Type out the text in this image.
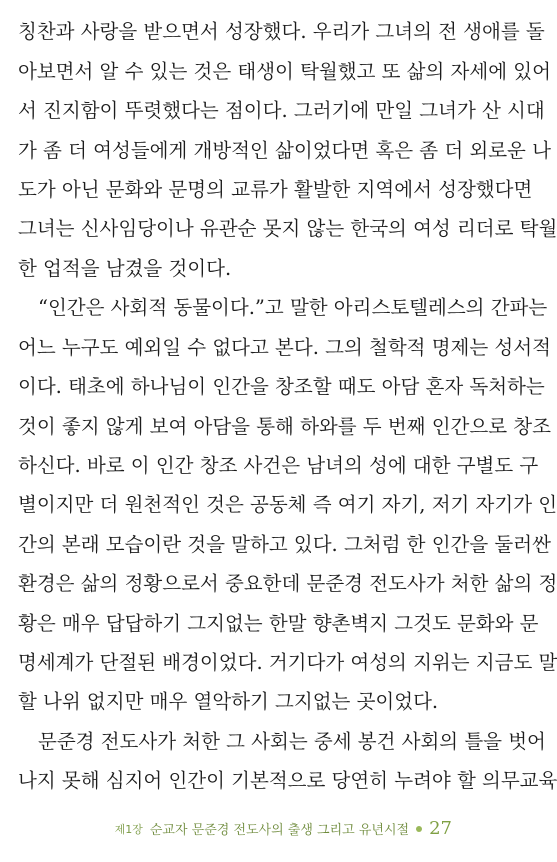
칭찬과 사랑을 받으면서 성장했다. 우리가 그녀의 전 생애를 돌
아보면서 알 수 있는 것은 태생이 탁월했고 또 삶의 자세에 있어
서 진지함이 뚜렷했다는 점이다. 그러기에 만일 그녀가 산 시대
가 좀 더 여성들에게 개방적인 삶이었다면 혹은 좀 더 외로운 나
도가 아닌 문화와 문명의 교류가 활발한 지역에서 성장했다면
그녀는 신사임당이나 유관순 못지 않는 한국의 여성 리더로 탁월
한 업적을 남겼을 것이다.
“인간은 사회적 동물이다.”고 말한 아리스토텔레스의 간파는
어느 누구도 예외일 수 없다고 본다. 그의 철학적 명제는 성서적
이다. 태초에 하나님이 인간을 창조할 때도 아담 혼자 독처하는
것이 좋지 않게 보여 아담을 통해 하와를 두 번째 인간으로 창조
하신다. 바로 이 인간 창조 사건은 남녀의 성에 대한 구별도 구
별이지만 더 원천적인 것은 공동체 즉 여기 자기, 저기 자기가 인
간의 본래 모습이란 것을 말하고 있다. 그처럼 한 인간을 둘러싼
환경은 삶의 정황으로서 중요한데 문준경 전도사가 처한 삶의 정
황은 매우 답답하기 그지없는 한말 향촌벽지 그것도 문화와 문
명세계가 단절된 배경이었다. 거기다가 여성의 지위는 지금도 말
할 나위 없지만 매우 열악하기 그지없는 곳이었다.
문준경 전도사가 처한 그 사회는 중세 봉건 사회의 틀을 벗어
나지 못해 심지어 인간이 기본적으로 당연히 누려야 할 의무교육
제1장 순교자 문준경 전도사의 출생 그리고 유년시절 27
